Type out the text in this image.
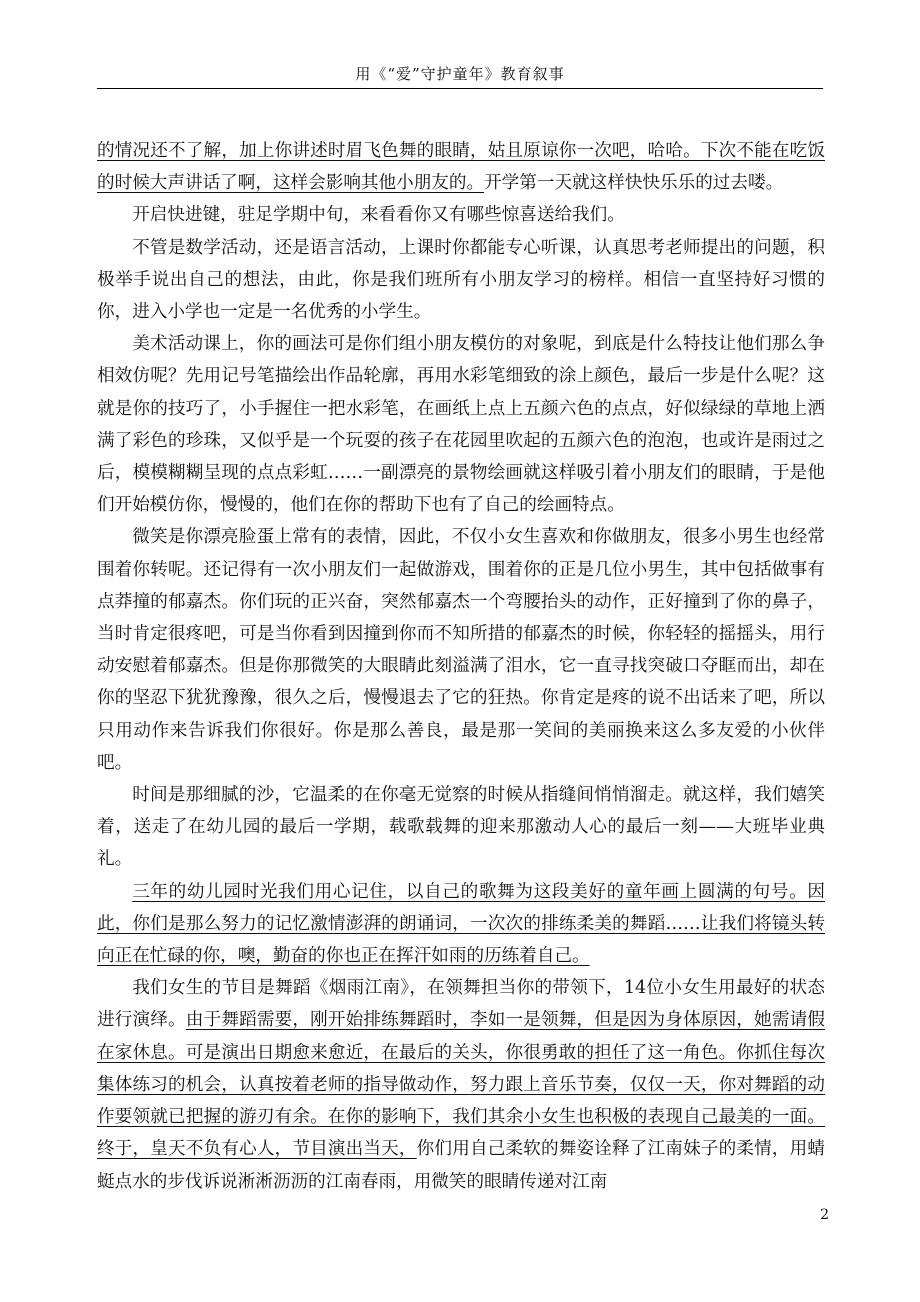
用《“爱”守护童年》教育叙事

的情况还不了解，加上你讲述时眉飞色舞的眼睛，姑且原谅你一次吧，哈哈。下次不能在吃饭的时候大声讲话了啊，这样会影响其他小朋友的。开学第一天就这样快快乐乐的过去喽。

开启快进键，驻足学期中旬，来看看你又有哪些惊喜送给我们。

不管是数学活动，还是语言活动，上课时你都能专心听课，认真思考老师提出的问题，积极举手说出自己的想法，由此，你是我们班所有小朋友学习的榜样。相信一直坚持好习惯的你，进入小学也一定是一名优秀的小学生。

美术活动课上，你的画法可是你们组小朋友模仿的对象呢，到底是什么特技让他们那么争相效仿呢？先用记号笔描绘出作品轮廓，再用水彩笔细致的涂上颜色，最后一步是什么呢？这就是你的技巧了，小手握住一把水彩笔，在画纸上点上五颜六色的点点，好似绿绿的草地上洒满了彩色的珍珠，又似乎是一个玩耍的孩子在花园里吹起的五颜六色的泡泡，也或许是雨过之后，模模糊糊呈现的点点彩虹……一副漂亮的景物绘画就这样吸引着小朋友们的眼睛，于是他们开始模仿你，慢慢的，他们在你的帮助下也有了自己的绘画特点。

微笑是你漂亮脸蛋上常有的表情，因此，不仅小女生喜欢和你做朋友，很多小男生也经常围着你转呢。还记得有一次小朋友们一起做游戏，围着你的正是几位小男生，其中包括做事有点莽撞的郁嘉杰。你们玩的正兴奋，突然郁嘉杰一个弯腰抬头的动作，正好撞到了你的鼻子，当时肯定很疼吧，可是当你看到因撞到你而不知所措的郁嘉杰的时候，你轻轻的摇摇头，用行动安慰着郁嘉杰。但是你那微笑的大眼睛此刻溢满了泪水，它一直寻找突破口夺眶而出，却在你的坚忍下犹犹豫豫，很久之后，慢慢退去了它的狂热。你肯定是疼的说不出话来了吧，所以只用动作来告诉我们你很好。你是那么善良，最是那一笑间的美丽换来这么多友爱的小伙伴吧。

时间是那细腻的沙，它温柔的在你毫无觉察的时候从指缝间悄悄溜走。就这样，我们嬉笑着，送走了在幼儿园的最后一学期，载歌载舞的迎来那激动人心的最后一刻——大班毕业典礼。

三年的幼儿园时光我们用心记住，以自己的歌舞为这段美好的童年画上圆满的句号。因此，你们是那么努力的记忆激情澎湃的朗诵词，一次次的排练柔美的舞蹈……让我们将镜头转向正在忙碌的你，噢，勤奋的你也正在挥汗如雨的历练着自己。

我们女生的节目是舞蹈《烟雨江南》，在领舞担当你的带领下，14位小女生用最好的状态进行演绎。由于舞蹈需要，刚开始排练舞蹈时，李如一是领舞，但是因为身体原因，她需请假在家休息。可是演出日期愈来愈近，在最后的关头，你很勇敢的担任了这一角色。你抓住每次集体练习的机会，认真按着老师的指导做动作，努力跟上音乐节奏，仅仅一天，你对舞蹈的动作要领就已把握的游刃有余。在你的影响下，我们其余小女生也积极的表现自己最美的一面。终于，皇天不负有心人，节目演出当天，你们用自己柔软的舞姿诠释了江南妹子的柔情，用蜻蜓点水的步伐诉说淅淅沥沥的江南春雨，用微笑的眼睛传递对江南

2
